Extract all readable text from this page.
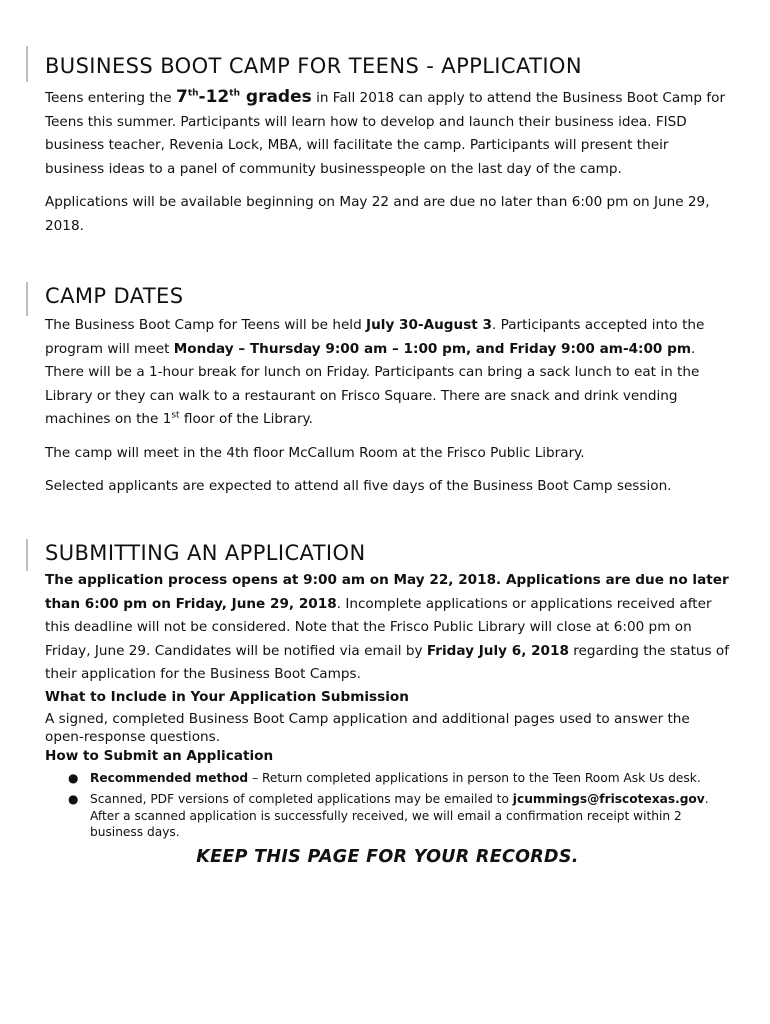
BUSINESS BOOT CAMP FOR TEENS - APPLICATION

Teens entering the 7th-12th grades in Fall 2018 can apply to attend the Business Boot Camp for Teens this summer. Participants will learn how to develop and launch their business idea. FISD business teacher, Revenia Lock, MBA, will facilitate the camp. Participants will present their business ideas to a panel of community businesspeople on the last day of the camp.

Applications will be available beginning on May 22 and are due no later than 6:00 pm on June 29, 2018.

CAMP DATES

The Business Boot Camp for Teens will be held July 30-August 3. Participants accepted into the program will meet Monday – Thursday 9:00 am – 1:00 pm, and Friday 9:00 am-4:00 pm. There will be a 1-hour break for lunch on Friday. Participants can bring a sack lunch to eat in the Library or they can walk to a restaurant on Frisco Square. There are snack and drink vending machines on the 1st floor of the Library.

The camp will meet in the 4th floor McCallum Room at the Frisco Public Library.

Selected applicants are expected to attend all five days of the Business Boot Camp session.

SUBMITTING AN APPLICATION

The application process opens at 9:00 am on May 22, 2018. Applications are due no later than 6:00 pm on Friday, June 29, 2018. Incomplete applications or applications received after this deadline will not be considered. Note that the Frisco Public Library will close at 6:00 pm on Friday, June 29. Candidates will be notified via email by Friday July 6, 2018 regarding the status of their application for the Business Boot Camps.

What to Include in Your Application Submission
A signed, completed Business Boot Camp application and additional pages used to answer the open-response questions.
How to Submit an Application
● Recommended method – Return completed applications in person to the Teen Room Ask Us desk.
● Scanned, PDF versions of completed applications may be emailed to jcummings@friscotexas.gov. After a scanned application is successfully received, we will email a confirmation receipt within 2 business days.
KEEP THIS PAGE FOR YOUR RECORDS.
